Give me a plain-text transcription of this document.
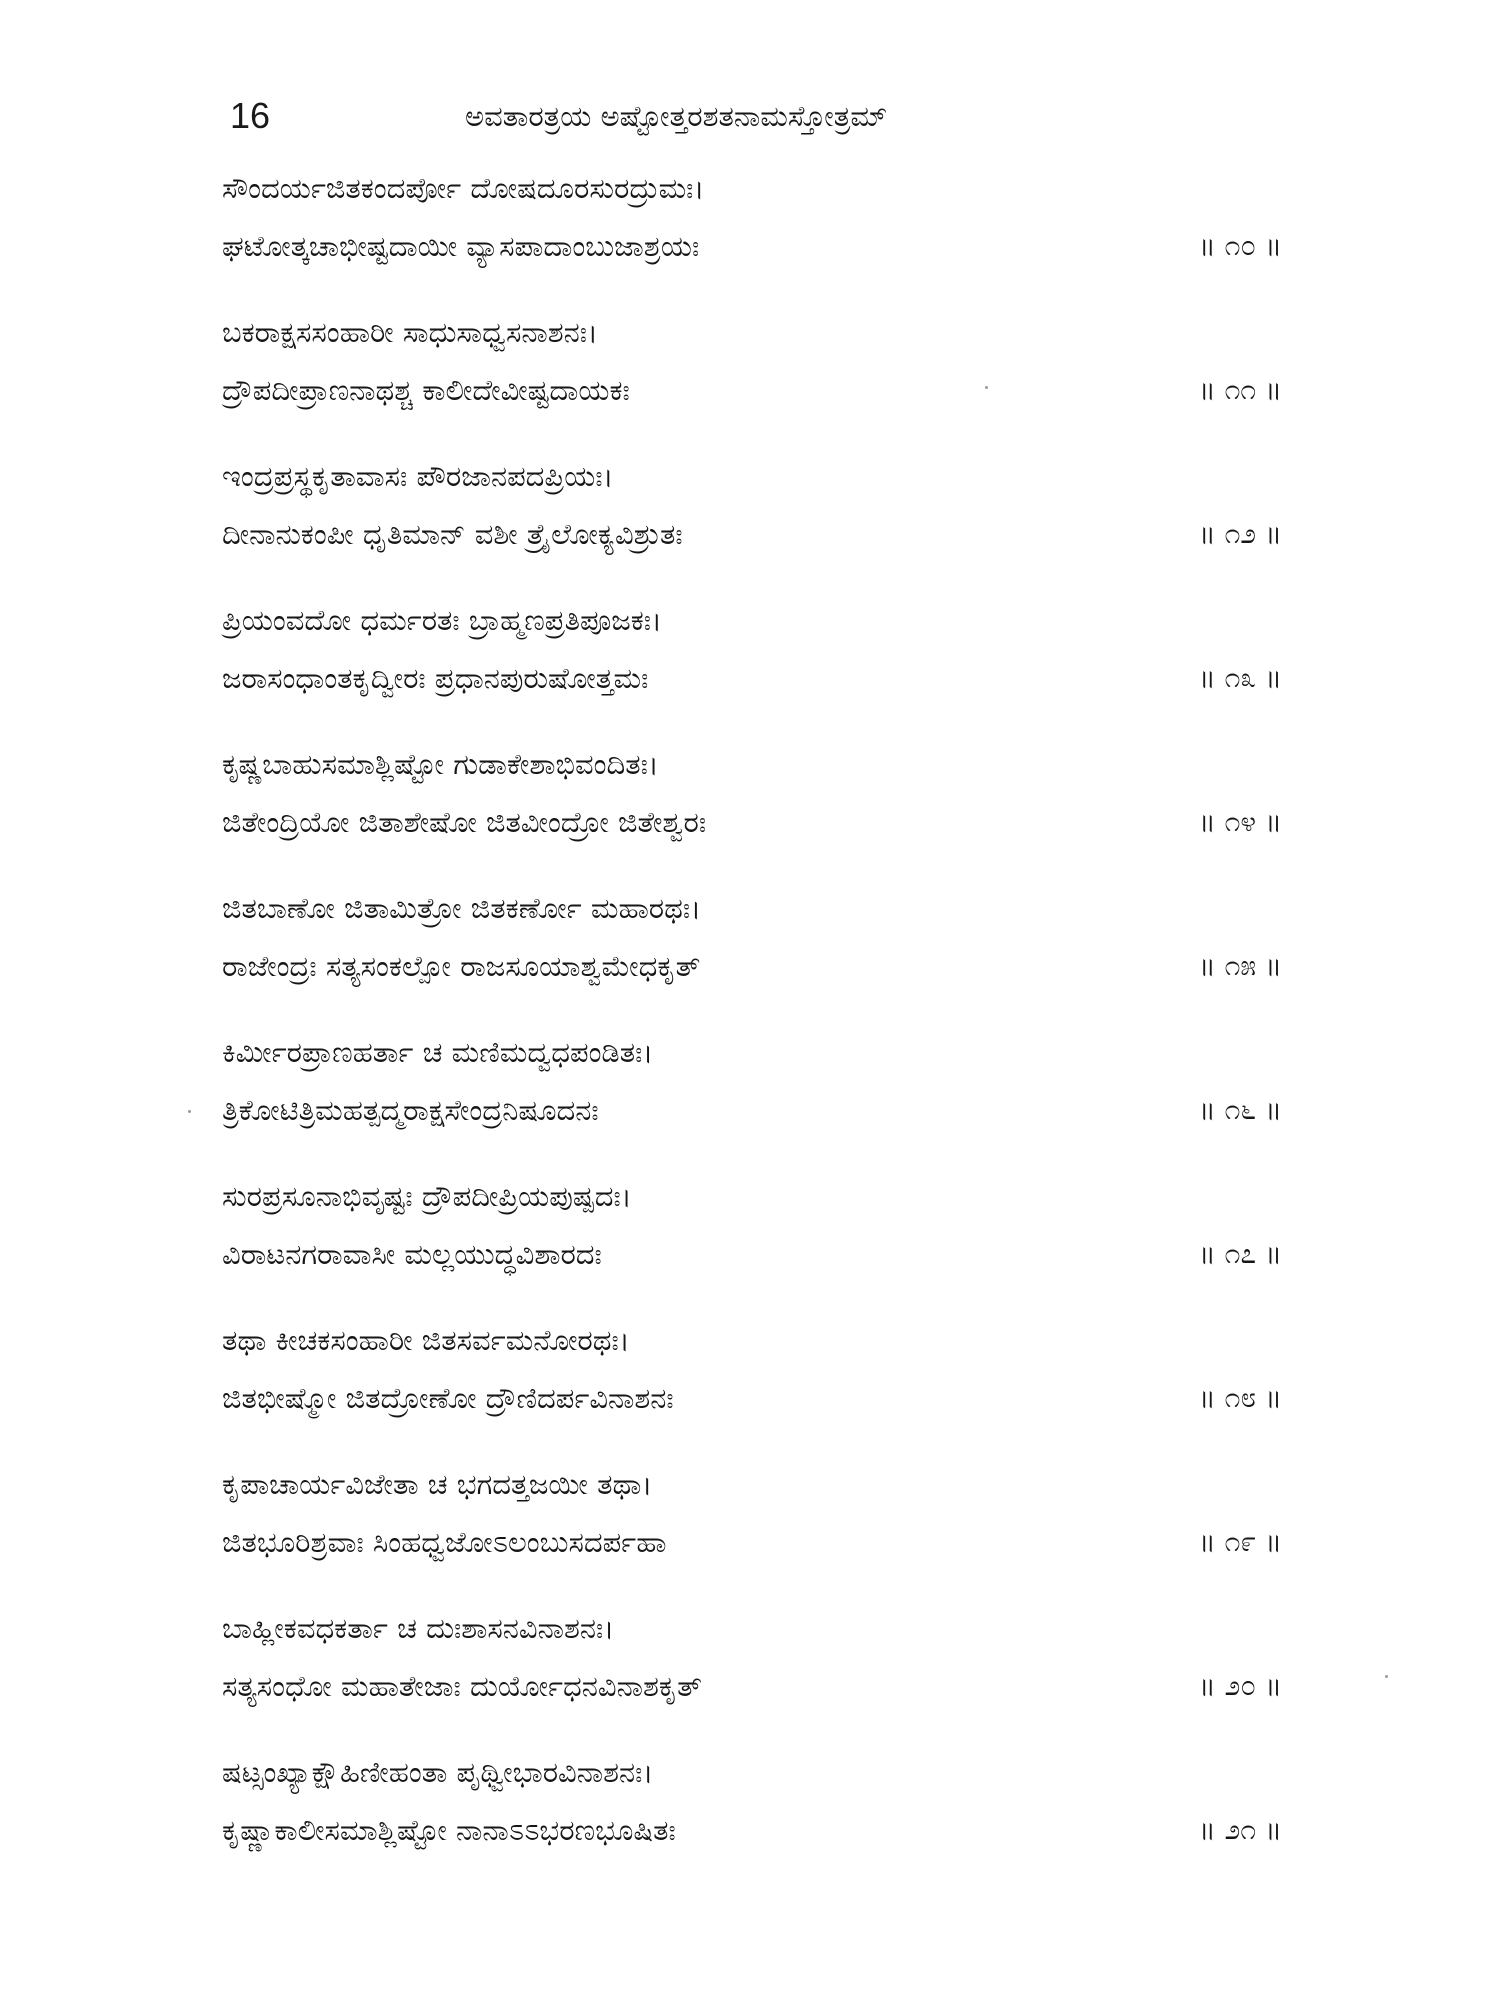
16	ಅವತಾರತ್ರಯ ಅಷ್ಟೋತ್ತರಶತನಾಮಸ್ತೋತ್ರಮ್
ಸೌಂದರ್ಯಜಿತಕಂದರ್ಪೋ ದೋಷದೂರಸುರದ್ರುಮಃ।
ಘಟೋತ್ಕಚಾಭೀಷ್ಟದಾಯೀ ವ್ಯಾಸಪಾದಾಂಬುಜಾಶ್ರಯಃ	॥ ೧೦ ॥
ಬಕರಾಕ್ಷಸಸಂಹಾರೀ ಸಾಧುಸಾಧ್ವಸನಾಶನಃ।
ದ್ರೌಪದೀಪ್ರಾಣನಾಥಶ್ಚ ಕಾಲೀದೇವೀಷ್ಟದಾಯಕಃ	॥ ೧೧ ॥
ಇಂದ್ರಪ್ರಸ್ಥಕೃತಾವಾಸಃ ಪೌರಜಾನಪದಪ್ರಿಯಃ।
ದೀನಾನುಕಂಪೀ ಧೃತಿಮಾನ್ ವಶೀ ತ್ರೈಲೋಕ್ಯವಿಶ್ರುತಃ	॥ ೧೨ ॥
ಪ್ರಿಯಂವದೋ ಧರ್ಮರತಃ ಬ್ರಾಹ್ಮಣಪ್ರತಿಪೂಜಕಃ।
ಜರಾಸಂಧಾಂತಕೃದ್ವೀರಃ ಪ್ರಧಾನಪುರುಷೋತ್ತಮಃ	॥ ೧೩ ॥
ಕೃಷ್ಣಬಾಹುಸಮಾಶ್ಲಿಷ್ಟೋ ಗುಡಾಕೇಶಾಭಿವಂದಿತಃ।
ಜಿತೇಂದ್ರಿಯೋ ಜಿತಾಶೇಷೋ ಜಿತವೀಂದ್ರೋ ಜಿತೇಶ್ವರಃ	॥ ೧೪ ॥
ಜಿತಬಾಣೋ ಜಿತಾಮಿತ್ರೋ ಜಿತಕರ್ಣೋ ಮಹಾರಥಃ।
ರಾಜೇಂದ್ರಃ ಸತ್ಯಸಂಕಲ್ಪೋ ರಾಜಸೂಯಾಶ್ವಮೇಧಕೃತ್	॥ ೧೫ ॥
ಕಿರ್ಮೀರಪ್ರಾಣಹರ್ತಾ ಚ ಮಣಿಮದ್ವಧಪಂಡಿತಃ।
ತ್ರಿಕೋಟಿತ್ರಿಮಹತ್ಪದ್ಮರಾಕ್ಷಸೇಂದ್ರನಿಷೂದನಃ	॥ ೧೬ ॥
ಸುರಪ್ರಸೂನಾಭಿವೃಷ್ಟಃ ದ್ರೌಪದೀಪ್ರಿಯಪುಷ್ಪದಃ।
ವಿರಾಟನಗರಾವಾಸೀ ಮಲ್ಲಯುದ್ಧವಿಶಾರದಃ	॥ ೧೭ ॥
ತಥಾ ಕೀಚಕಸಂಹಾರೀ ಜಿತಸರ್ವಮನೋರಥಃ।
ಜಿತಭೀಷ್ಮೋ ಜಿತದ್ರೋಣೋ ದ್ರೌಣಿದರ್ಪವಿನಾಶನಃ	॥ ೧೮ ॥
ಕೃಪಾಚಾರ್ಯವಿಜೇತಾ ಚ ಭಗದತ್ತಜಯೀ ತಥಾ।
ಜಿತಭೂರಿಶ್ರವಾಃ ಸಿಂಹಧ್ವಜೋಽಲಂಬುಸದರ್ಪಹಾ	॥ ೧೯ ॥
ಬಾಹ್ಲೀಕವಧಕರ್ತಾ ಚ ದುಃಶಾಸನವಿನಾಶನಃ।
ಸತ್ಯಸಂಧೋ ಮಹಾತೇಜಾಃ ದುರ್ಯೋಧನವಿನಾಶಕೃತ್	॥ ೨೦ ॥
ಷಟ್ಸಂಖ್ಯಾಕ್ಷೌಹಿಣೀಹಂತಾ ಪೃಥ್ವೀಭಾರವಿನಾಶನಃ।
ಕೃಷ್ಣಾಕಾಲೀಸಮಾಶ್ಲಿಷ್ಟೋ ನಾನಾಽಽಭರಣಭೂಷಿತಃ	॥ ೨೧ ॥
